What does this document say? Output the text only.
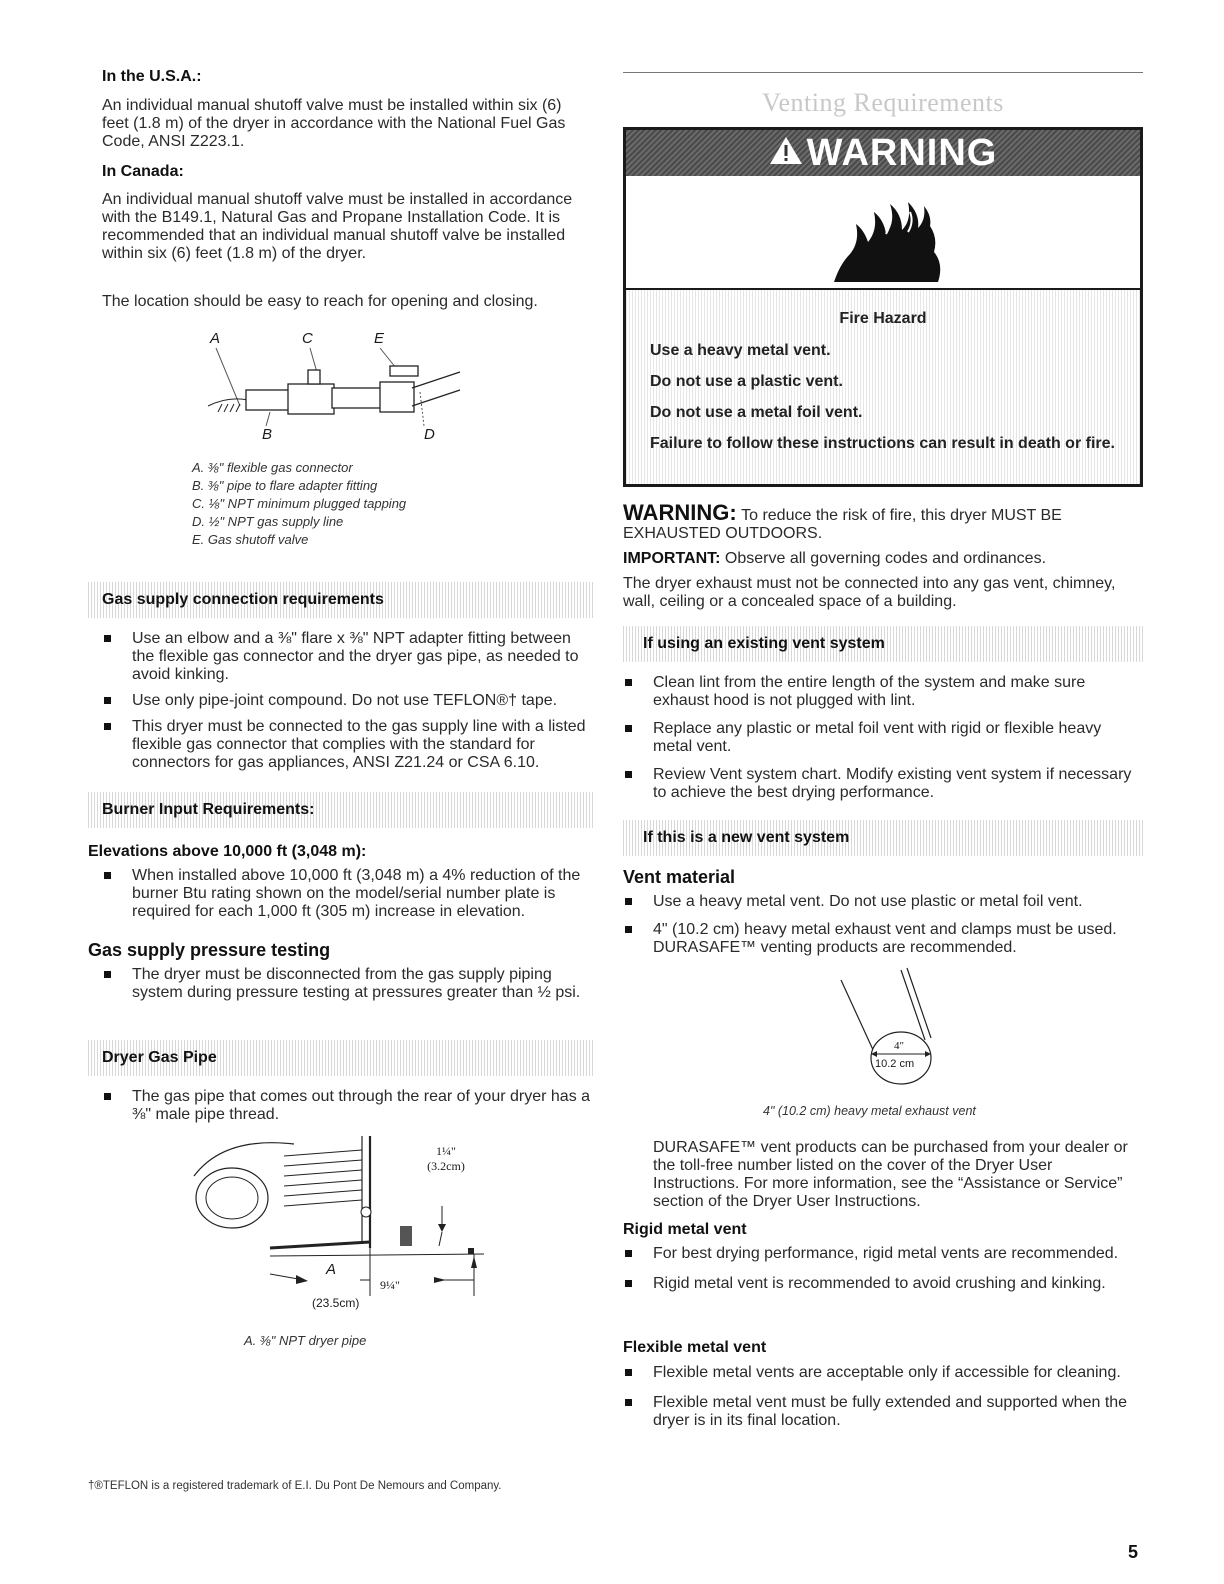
In the U.S.A.:
An individual manual shutoff valve must be installed within six (6) feet (1.8 m) of the dryer in accordance with the National Fuel Gas Code, ANSI Z223.1.
In Canada:
An individual manual shutoff valve must be installed in accordance with the B149.1, Natural Gas and Propane Installation Code. It is recommended that an individual manual shutoff valve be installed within six (6) feet (1.8 m) of the dryer.
The location should be easy to reach for opening and closing.
A	C	E
B	D
A. ⅜" flexible gas connector
B. ⅜" pipe to flare adapter fitting
C. ⅛" NPT minimum plugged tapping
D. ½" NPT gas supply line
E. Gas shutoff valve
Gas supply connection requirements
Use an elbow and a ⅜" flare x ⅜" NPT adapter fitting between the flexible gas connector and the dryer gas pipe, as needed to avoid kinking.
Use only pipe-joint compound. Do not use TEFLON®† tape.
This dryer must be connected to the gas supply line with a listed flexible gas connector that complies with the standard for connectors for gas appliances, ANSI Z21.24 or CSA 6.10.
Burner Input Requirements:
Elevations above 10,000 ft (3,048 m):
When installed above 10,000 ft (3,048 m) a 4% reduction of the burner Btu rating shown on the model/serial number plate is required for each 1,000 ft (305 m) increase in elevation.
Gas supply pressure testing
The dryer must be disconnected from the gas supply piping system during pressure testing at pressures greater than ½ psi.
Dryer Gas Pipe
The gas pipe that comes out through the rear of your dryer has a ⅜" male pipe thread.
1¼"
(3.2cm)
A
9¼"
(23.5cm)
A. ⅜" NPT dryer pipe
†®TEFLON is a registered trademark of E.I. Du Pont De Nemours and Company.
Venting Requirements
WARNING
Fire Hazard
Use a heavy metal vent.
Do not use a plastic vent.
Do not use a metal foil vent.
Failure to follow these instructions can result in death or fire.
WARNING: To reduce the risk of fire, this dryer MUST BE EXHAUSTED OUTDOORS.
IMPORTANT: Observe all governing codes and ordinances.
The dryer exhaust must not be connected into any gas vent, chimney, wall, ceiling or a concealed space of a building.
If using an existing vent system
Clean lint from the entire length of the system and make sure exhaust hood is not plugged with lint.
Replace any plastic or metal foil vent with rigid or flexible heavy metal vent.
Review Vent system chart. Modify existing vent system if necessary to achieve the best drying performance.
If this is a new vent system
Vent material
Use a heavy metal vent. Do not use plastic or metal foil vent.
4" (10.2 cm) heavy metal exhaust vent and clamps must be used. DURASAFE™ venting products are recommended.
4"
10.2 cm
4" (10.2 cm) heavy metal exhaust vent
DURASAFE™ vent products can be purchased from your dealer or the toll-free number listed on the cover of the Dryer User Instructions. For more information, see the “Assistance or Service” section of the Dryer User Instructions.
Rigid metal vent
For best drying performance, rigid metal vents are recommended.
Rigid metal vent is recommended to avoid crushing and kinking.
Flexible metal vent
Flexible metal vents are acceptable only if accessible for cleaning.
Flexible metal vent must be fully extended and supported when the dryer is in its final location.
5
